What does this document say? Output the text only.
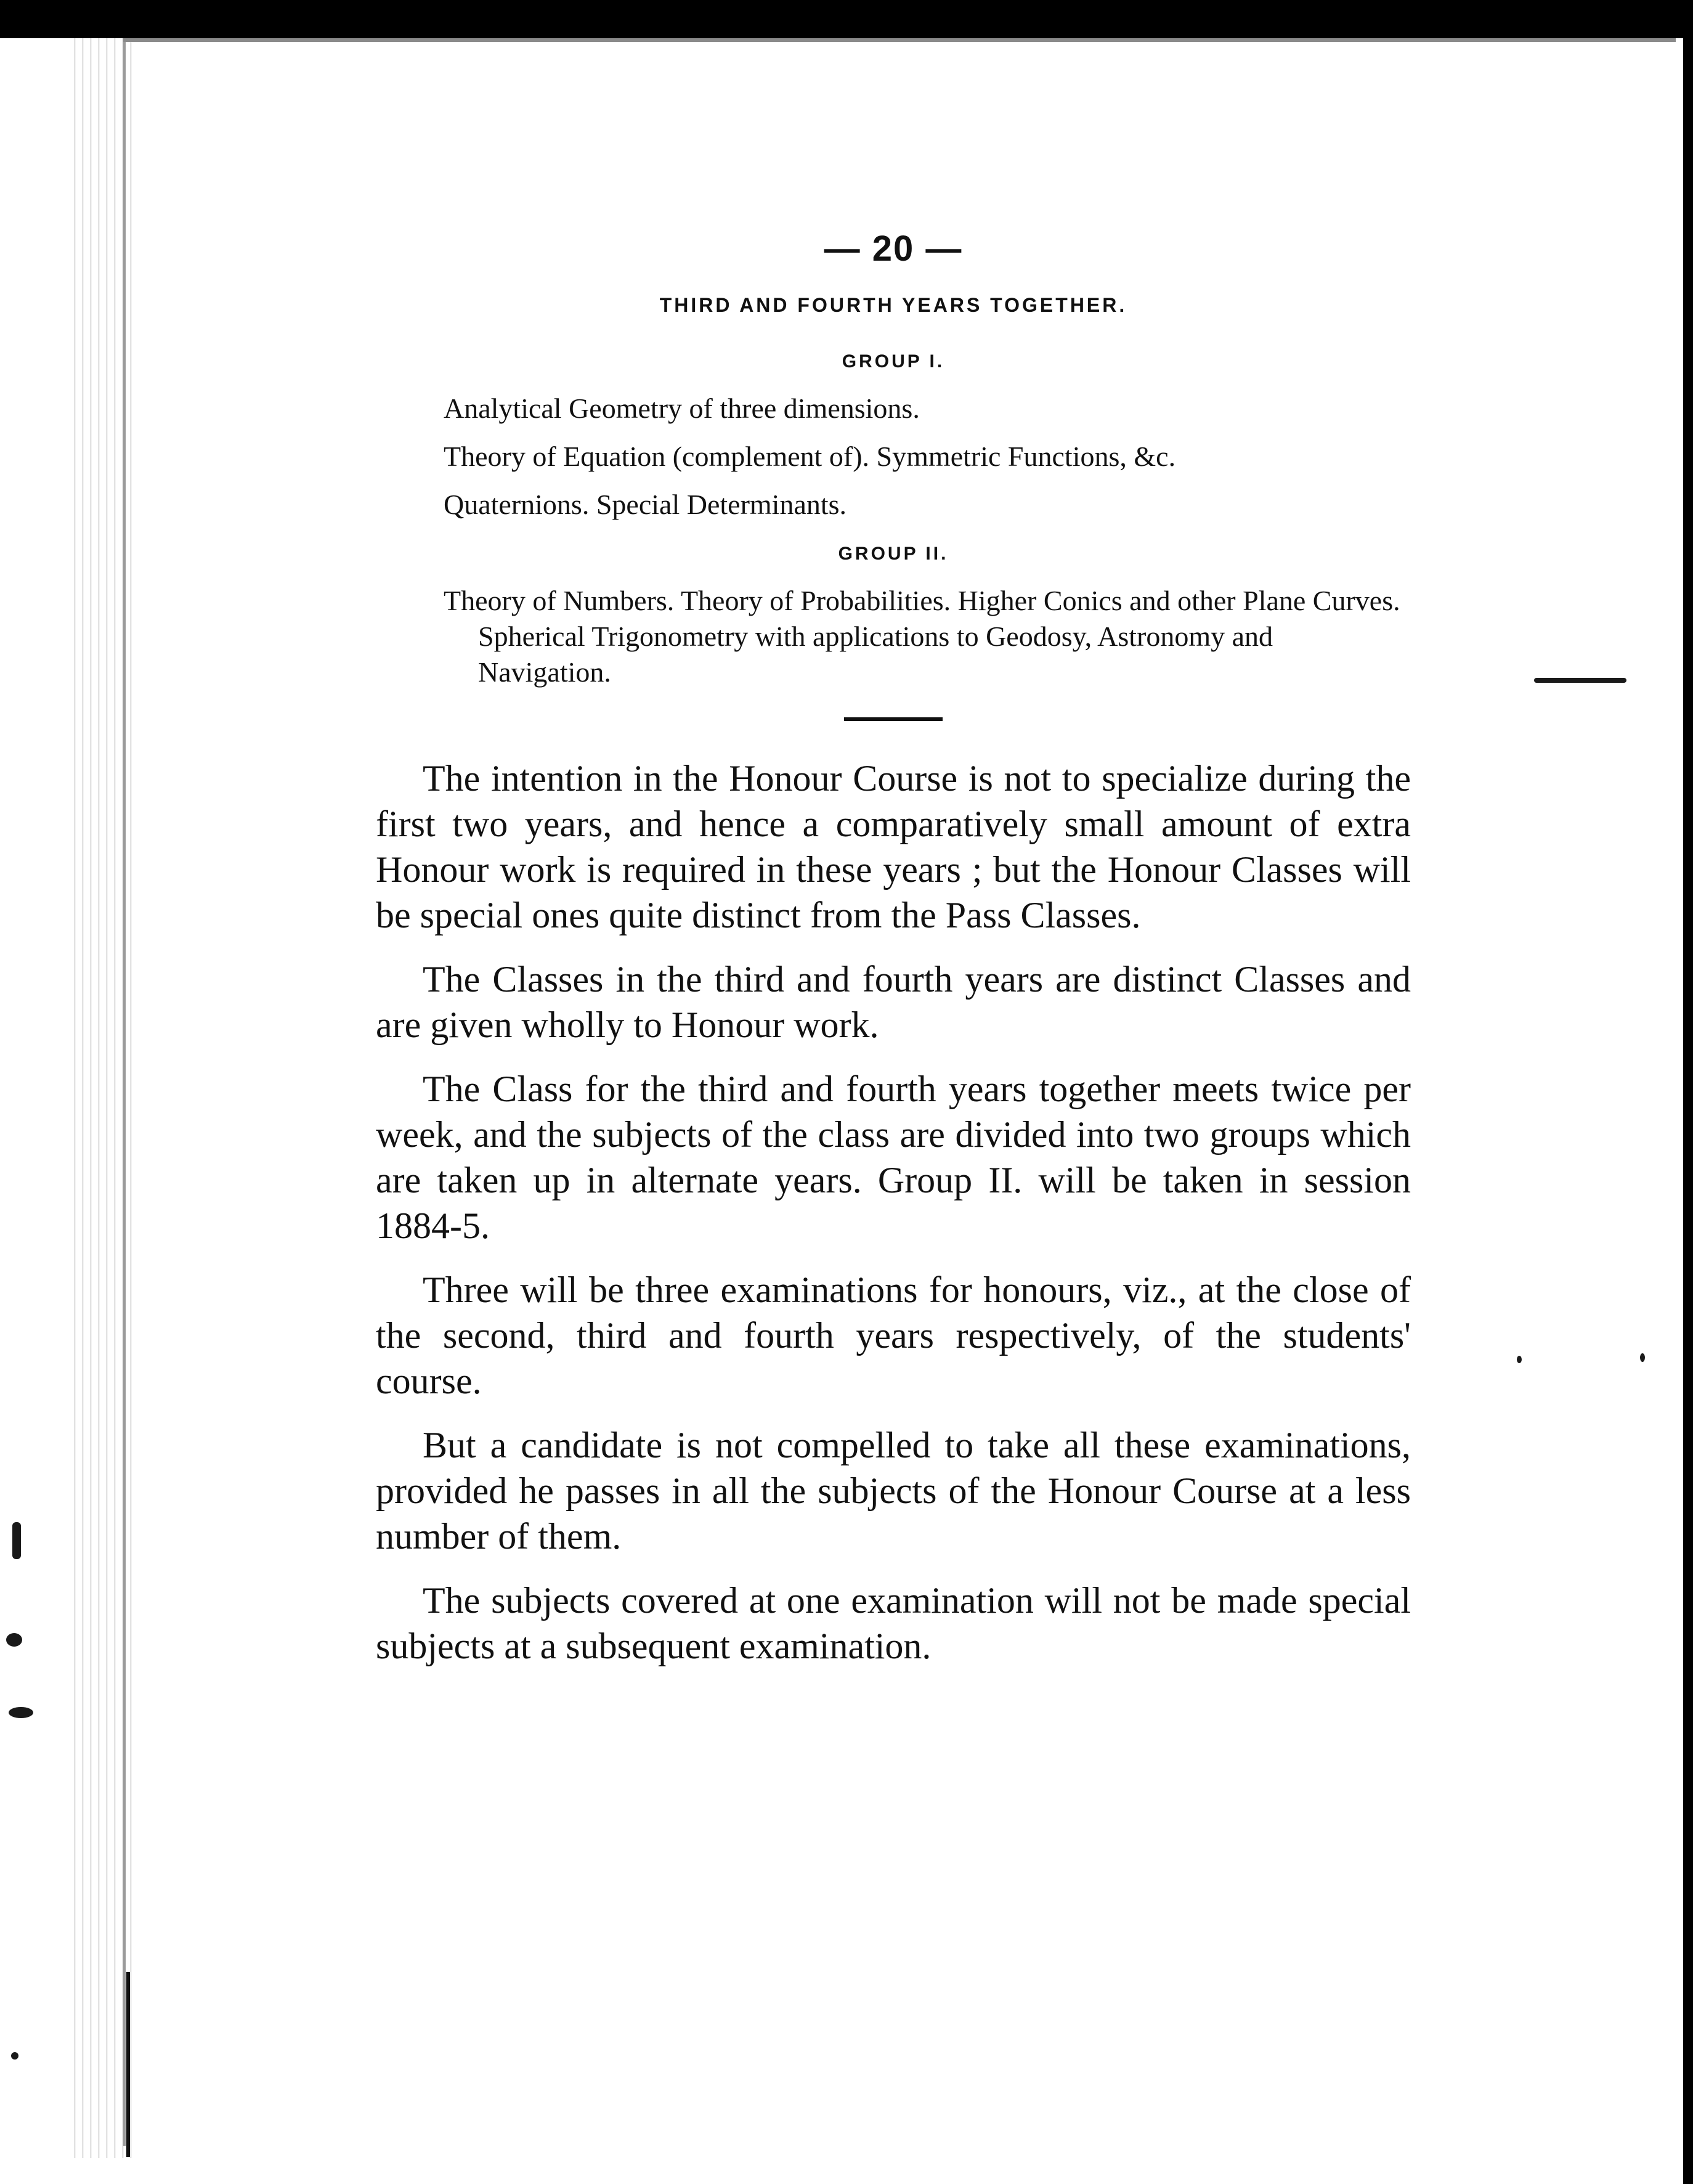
— 20 —
THIRD AND FOURTH YEARS TOGETHER.
GROUP I.

Analytical Geometry of three dimensions.

Theory of Equation (complement of). Symmetric Functions, &c.

Quaternions. Special Determinants.

GROUP II.

Theory of Numbers. Theory of Probabilities. Higher Conics and other Plane Curves. Spherical Trigonometry with applications to Geodosy, Astronomy and Navigation.

The intention in the Honour Course is not to specialize during the first two years, and hence a comparatively small amount of extra Honour work is required in these years ; but the Honour Classes will be special ones quite distinct from the Pass Classes.

The Classes in the third and fourth years are distinct Classes and are given wholly to Honour work.

The Class for the third and fourth years together meets twice per week, and the subjects of the class are divided into two groups which are taken up in alternate years. Group II. will be taken in session 1884-5.

Three will be three examinations for honours, viz., at the close of the second, third and fourth years respectively, of the students' course.

But a candidate is not compelled to take all these examinations, provided he passes in all the subjects of the Honour Course at a less number of them.

The subjects covered at one examination will not be made special subjects at a subsequent examination.
